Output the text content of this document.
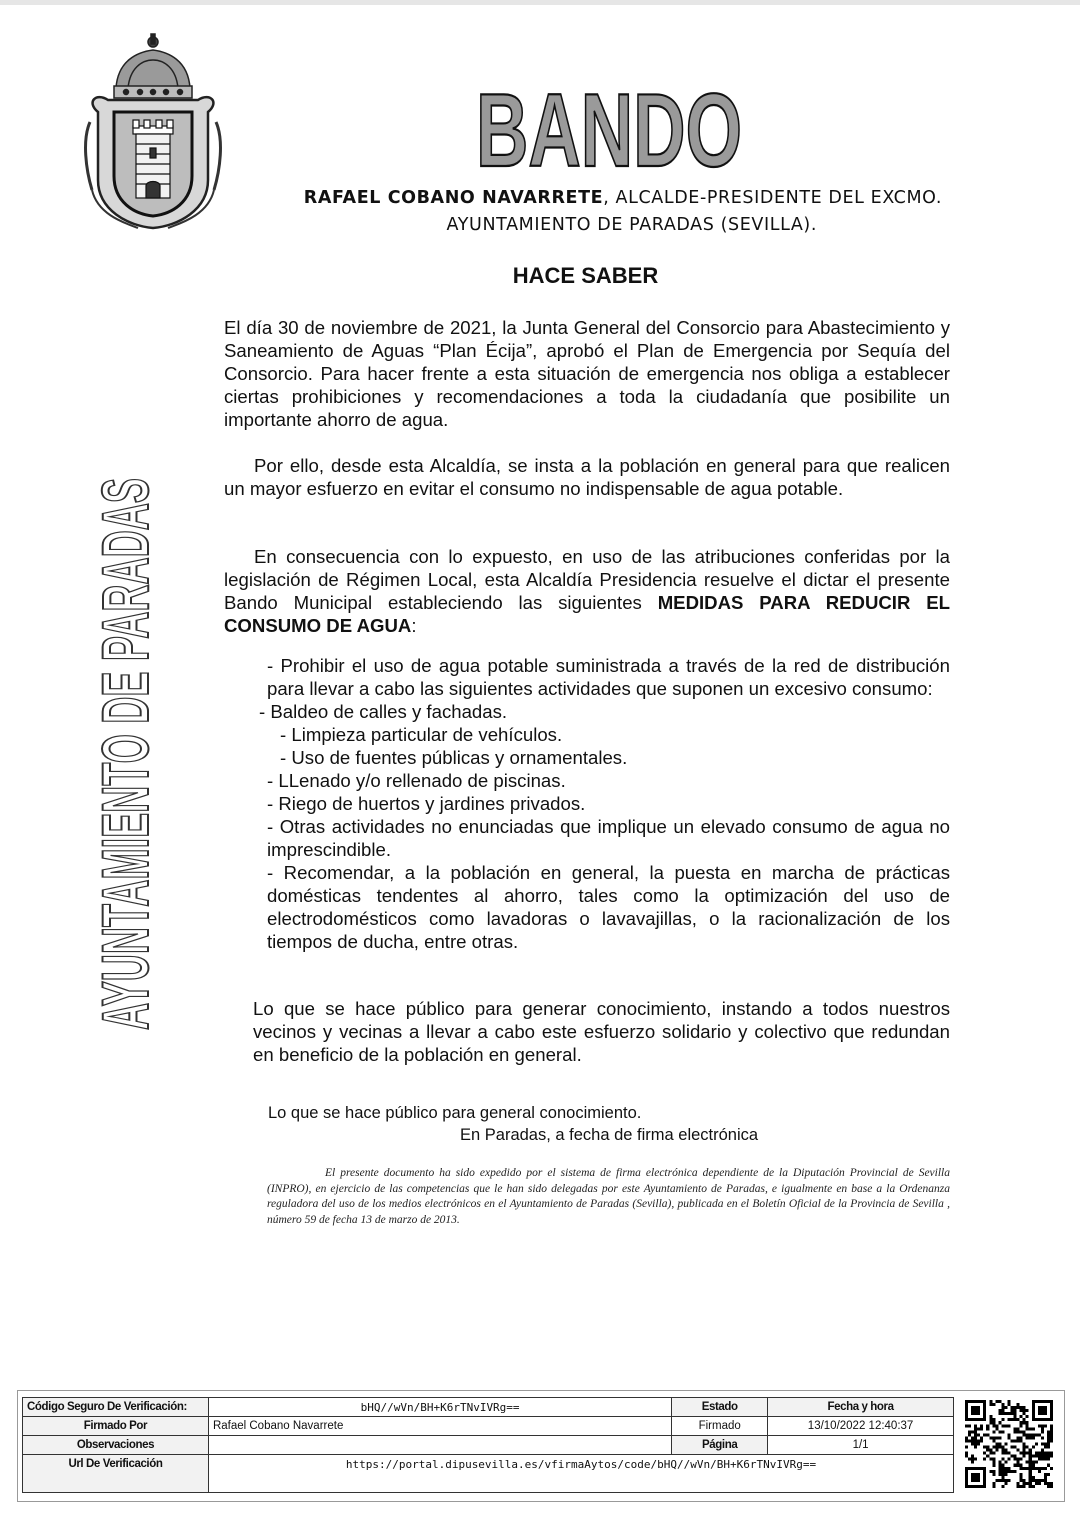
BANDO
AYUNTAMIENTO DE PARADAS	RAFAEL COBANO NAVARRETE, ALCALDE-PRESIDENTE DEL EXCMO.
AYUNTAMIENTO DE PARADAS (SEVILLA).
HACE SABER

El día 30 de noviembre de 2021, la Junta General del Consorcio para Abastecimiento y Saneamiento de Aguas “Plan Écija”, aprobó el Plan de Emergencia por Sequía del Consorcio. Para hacer frente a esta situación de emergencia nos obliga a establecer ciertas prohibiciones y recomendaciones a toda la ciudadanía que posibilite un importante ahorro de agua.

Por ello, desde esta Alcaldía, se insta a la población en general para que realicen un mayor esfuerzo en evitar el consumo no indispensable de agua potable.

En consecuencia con lo expuesto, en uso de las atribuciones conferidas por la legislación de Régimen Local, esta Alcaldía Presidencia resuelve el dictar el presente Bando Municipal estableciendo las siguientes MEDIDAS PARA REDUCIR EL CONSUMO DE AGUA:

- Prohibir el uso de agua potable suministrada a través de la red de distribución para llevar a cabo las siguientes actividades que suponen un excesivo consumo:
- Baldeo de calles y fachadas.
- Limpieza particular de vehículos.
- Uso de fuentes públicas y ornamentales.
- LLenado y/o rellenado de piscinas.
- Riego de huertos y jardines privados.
- Otras actividades no enunciadas que implique un elevado consumo de agua no imprescindible.
- Recomendar, a la población en general, la puesta en marcha de prácticas domésticas tendentes al ahorro, tales como la optimización del uso de electrodomésticos como lavadoras o lavavajillas, o la racionalización de los tiempos de ducha, entre otras.

Lo que se hace público para generar conocimiento, instando a todos nuestros vecinos y vecinas a llevar a cabo este esfuerzo solidario y colectivo que redundan en beneficio de la población en general.

Lo que se hace público para general conocimiento.
En Paradas, a fecha de firma electrónica

El presente documento ha sido expedido por el sistema de firma electrónica dependiente de la Diputación Provincial de Sevilla (INPRO), en ejercicio de las competencias que le han sido delegadas por este Ayuntamiento de Paradas, e igualmente en base a la Ordenanza reguladora del uso de los medios electrónicos en el Ayuntamiento de Paradas (Sevilla), publicada en el Boletín Oficial de la Provincia de Sevilla , número 59 de fecha 13 de marzo de 2013.

Código Seguro De Verificación:	bHQ//wVn/BH+K6rTNvIVRg==	Estado	Fecha y hora
Firmado Por	Rafael Cobano Navarrete	Firmado	13/10/2022 12:40:37
Observaciones		Página	1/1
Url De Verificación	https://portal.dipusevilla.es/vfirmaAytos/code/bHQ//wVn/BH+K6rTNvIVRg==		
